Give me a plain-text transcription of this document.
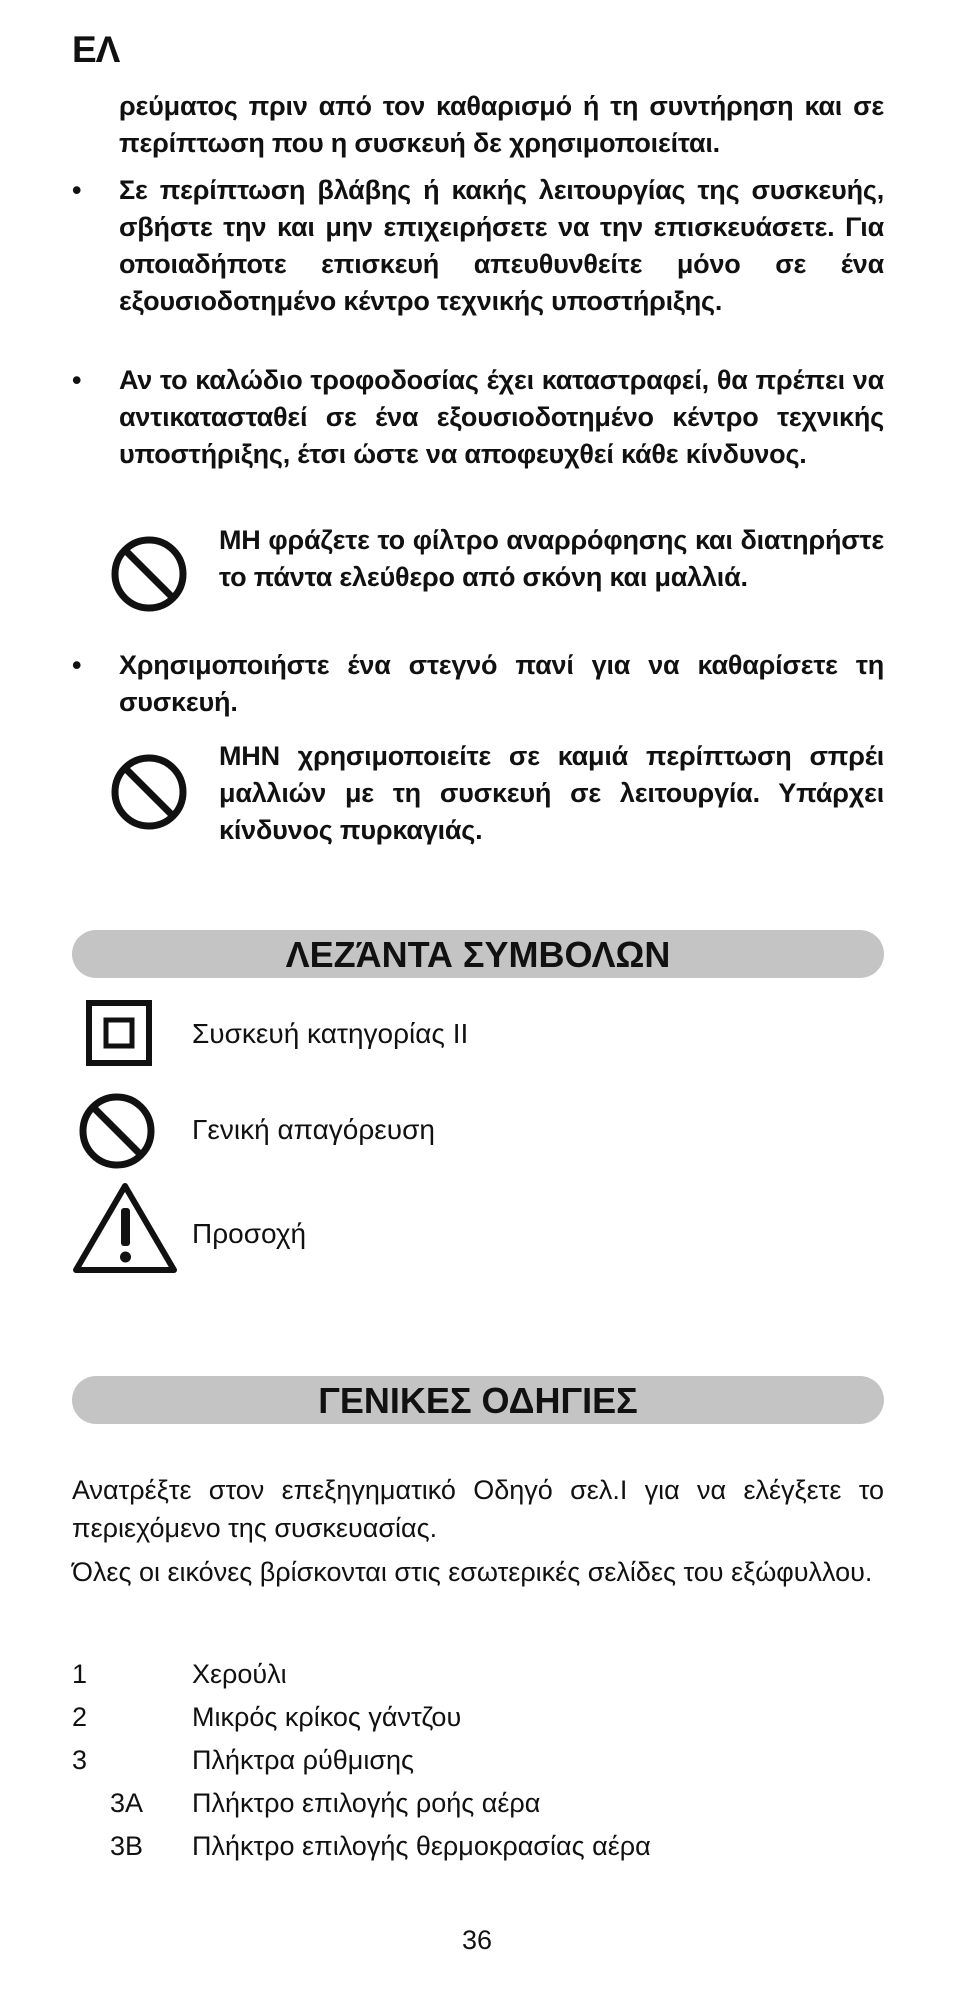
ΕΛ
ρεύματος πριν από τον καθαρισμό ή τη συντήρηση και σε περίπτωση που η συσκευή δε χρησιμοποιείται.
• Σε περίπτωση βλάβης ή κακής λειτουργίας της συσκευής, σβήστε την και μην επιχειρήσετε να την επισκευάσετε. Για οποιαδήποτε επισκευή απευθυνθείτε μόνο σε ένα εξουσιοδοτημένο κέντρο τεχνικής υποστήριξης.
• Αν το καλώδιο τροφοδοσίας έχει καταστραφεί, θα πρέπει να αντικατασταθεί σε ένα εξουσιοδοτημένο κέντρο τεχνικής υποστήριξης, έτσι ώστε να αποφευχθεί κάθε κίνδυνος.
ΜΗ φράζετε το φίλτρο αναρρόφησης και διατηρήστε το πάντα ελεύθερο από σκόνη και μαλλιά.
• Χρησιμοποιήστε ένα στεγνό πανί για να καθαρίσετε τη συσκευή.
ΜΗΝ χρησιμοποιείτε σε καμιά περίπτωση σπρέι μαλλιών με τη συσκευή σε λειτουργία. Υπάρχει κίνδυνος πυρκαγιάς.
ΛΕΖΆΝΤΑ ΣΥΜΒΟΛΩΝ
Συσκευή κατηγορίας II
Γενική απαγόρευση
Προσοχή
ΓΕΝΙΚΕΣ ΟΔΗΓΙΕΣ
Ανατρέξτε στον επεξηγηματικό Οδηγό σελ.I για να ελέγξετε το περιεχόμενο της συσκευασίας.
Όλες οι εικόνες βρίσκονται στις εσωτερικές σελίδες του εξώφυλλου.
1	Χερούλι
2	Μικρός κρίκος γάντζου
3	Πλήκτρα ρύθμισης
3A Πλήκτρο επιλογής ροής αέρα
3B Πλήκτρο επιλογής θερμοκρασίας αέρα
36
